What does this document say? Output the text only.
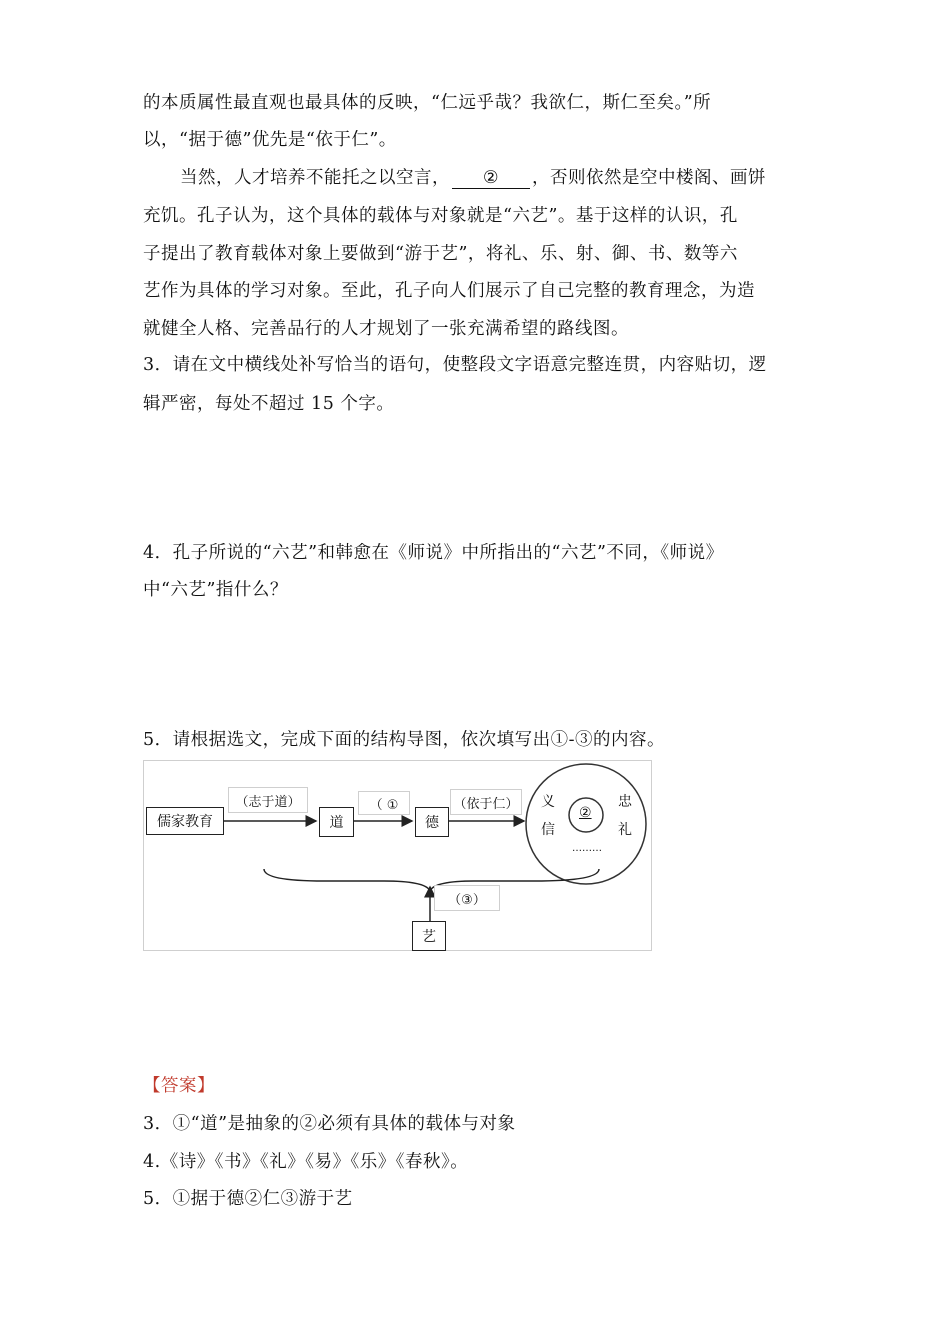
的本质属性最直观也最具体的反映，“仁远乎哉？我欲仁，斯仁至矣。”所
以，“据于德”优先是“依于仁”。
当然，人才培养不能托之以空言， ② ，否则依然是空中楼阁、画饼
充饥。孔子认为，这个具体的载体与对象就是“六艺”。基于这样的认识，孔
子提出了教育载体对象上要做到“游于艺”，将礼、乐、射、御、书、数等六
艺作为具体的学习对象。至此，孔子向人们展示了自己完整的教育理念，为造
就健全人格、完善品行的人才规划了一张充满希望的路线图。
3．请在文中横线处补写恰当的语句，使整段文字语意完整连贯，内容贴切，逻
辑严密，每处不超过 15 个字。
4．孔子所说的“六艺”和韩愈在《师说》中所指出的“六艺”不同，《师说》
中“六艺”指什么？
5．请根据选文，完成下面的结构导图，依次填写出①-③的内容。
儒家教育
（志于道）
道
（ ①
德
（依于仁） 义
信
②
忠
礼
………
（③）
艺
【答案】
3．①“道”是抽象的②必须有具体的载体与对象
4.《诗》《书》《礼》《易》《乐》《春秋》。
5．①据于德②仁③游于艺
